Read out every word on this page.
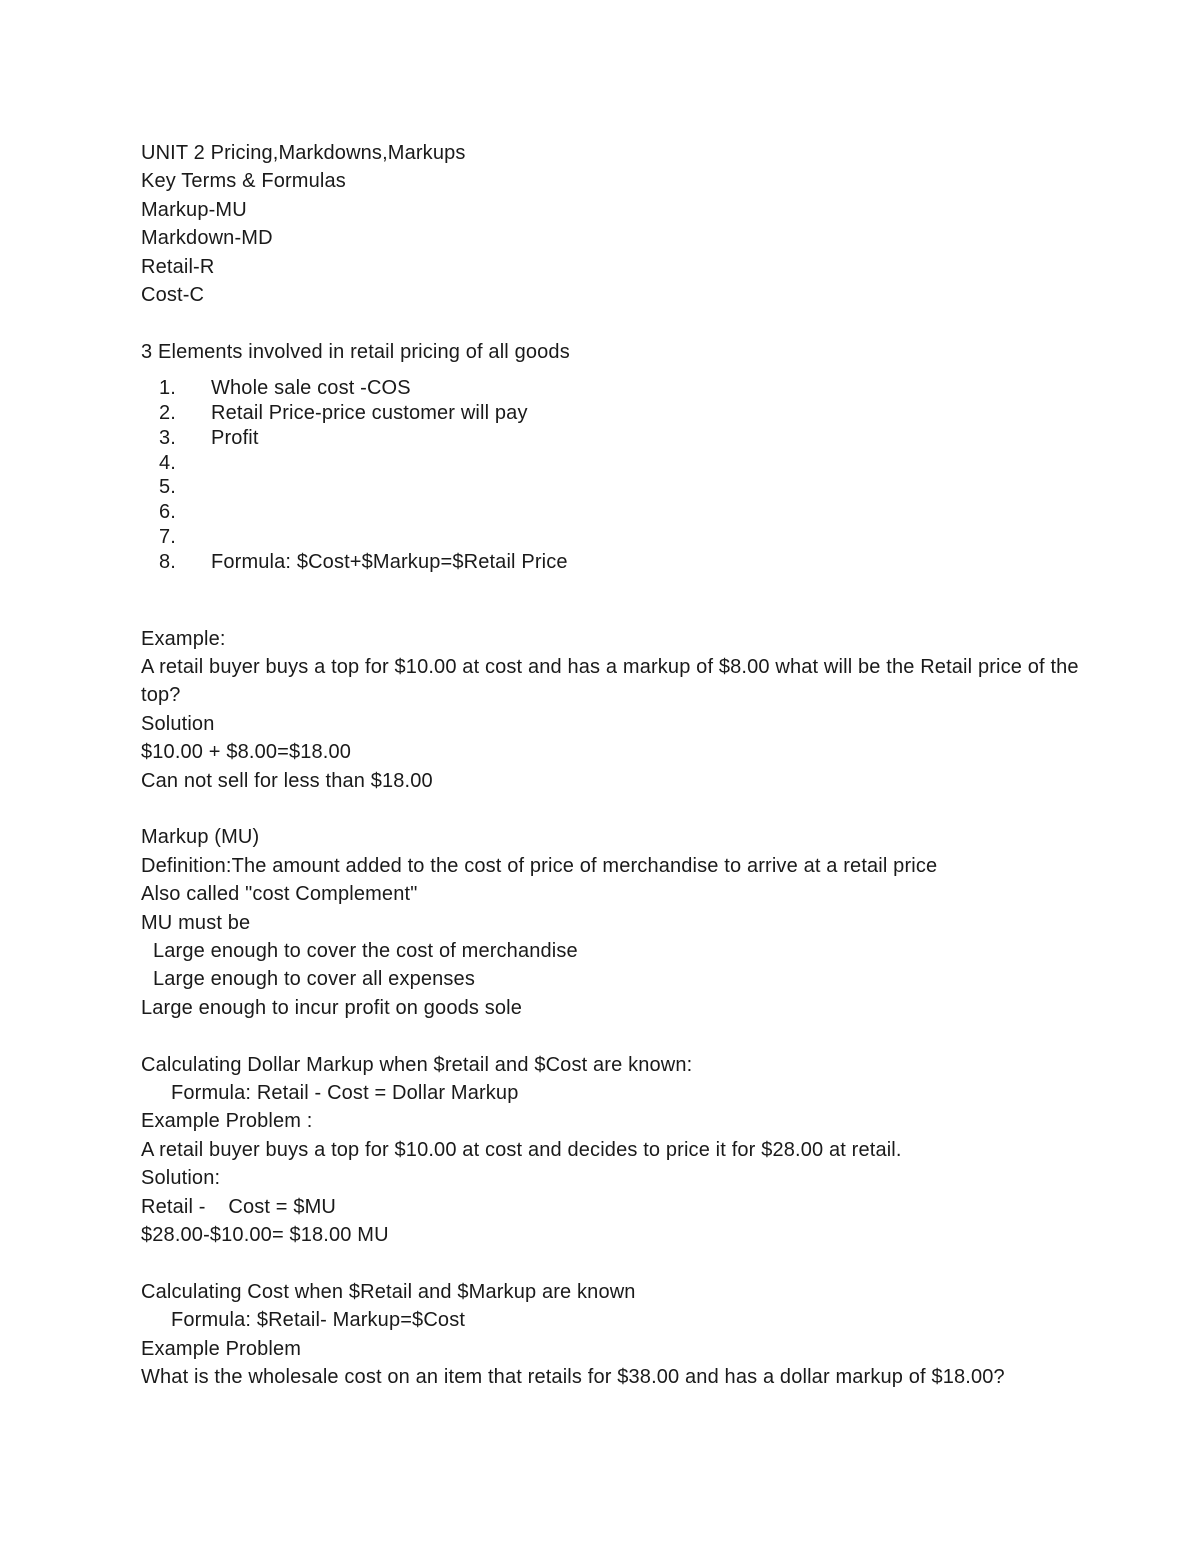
UNIT 2 Pricing,Markdowns,Markups
Key Terms & Formulas
Markup-MU
Markdown-MD
Retail-R
Cost-C
3 Elements involved in retail pricing of all goods
1. Whole sale cost -COS
2. Retail Price-price customer will pay
3. Profit
4.
5.
6.
7.
8. Formula: $Cost+$Markup=$Retail Price
Example:
A retail buyer buys a top for $10.00 at cost and has a markup of $8.00 what will be the Retail price of the top?
Solution
$10.00 + $8.00=$18.00
Can not sell for less than $18.00
Markup (MU)
Definition:The amount added to the cost of price of merchandise to arrive at a retail price
Also called "cost Complement"
MU must be
Large enough to cover the cost of merchandise
Large enough to cover all expenses
Large enough to incur profit on goods sole
Calculating Dollar Markup when $retail and $Cost are known:
Formula: Retail - Cost = Dollar Markup
Example Problem :
A retail buyer buys a top for $10.00 at cost and decides to price it for $28.00 at retail.
Solution:
Retail -    Cost = $MU
$28.00-$10.00= $18.00 MU
Calculating Cost when $Retail and $Markup are known
Formula: $Retail- Markup=$Cost
Example Problem
What is the wholesale cost on an item that retails for $38.00 and has a dollar markup of $18.00?
